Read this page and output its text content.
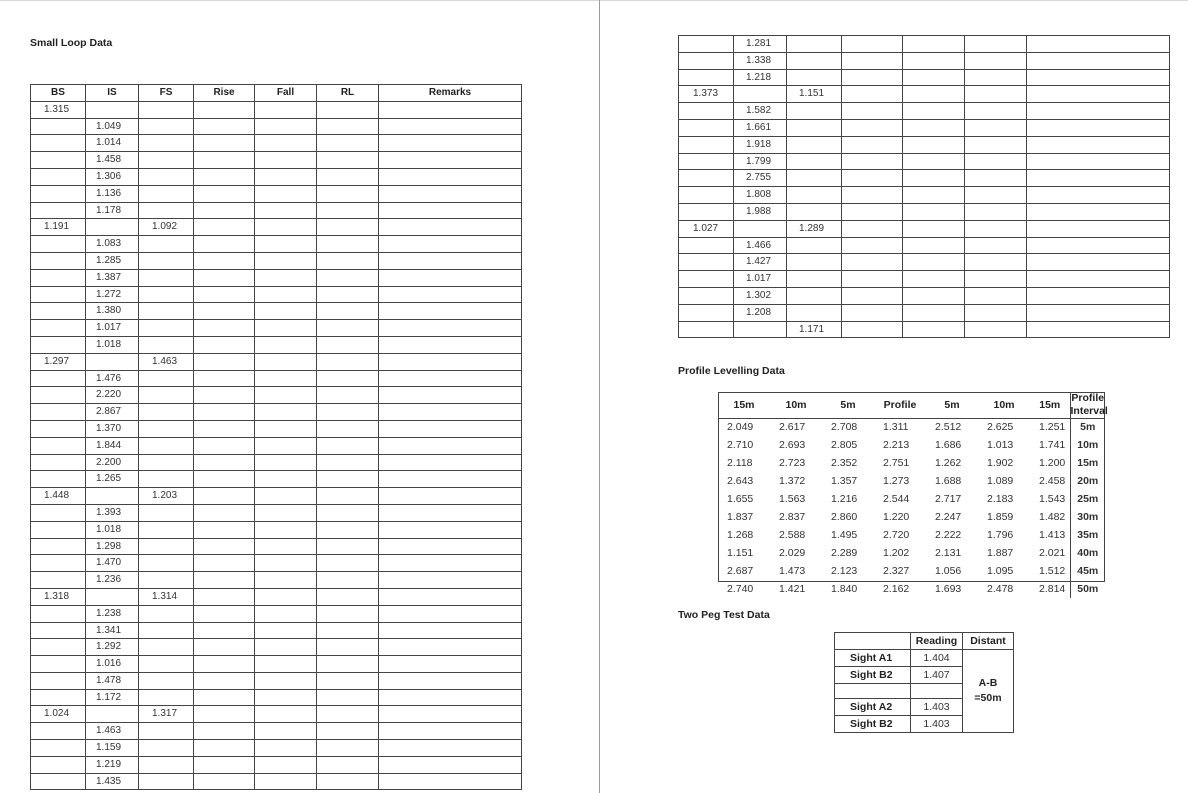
Small Loop Data
BS	IS	FS	Rise	Fall	RL	Remarks
1.315						
	1.049					
	1.014					
	1.458					
	1.306					
	1.136					
	1.178					
1.191		1.092				
	1.083					
	1.285					
	1.387					
	1.272					
	1.380					
	1.017					
	1.018					
1.297		1.463				
	1.476					
	2.220					
	2.867					
	1.370					
	1.844					
	2.200					
	1.265					
1.448		1.203				
	1.393					
	1.018					
	1.298					
	1.470					
	1.236					
1.318		1.314				
	1.238					
	1.341					
	1.292					
	1.016					
	1.478					
	1.172					
1.024		1.317				
	1.463					
	1.159					
	1.219					
	1.435					
	1.281					
	1.338					
	1.218					
1.373		1.151				
	1.582					
	1.661					
	1.918					
	1.799					
	2.755					
	1.808					
	1.988					
1.027		1.289				
	1.466					
	1.427					
	1.017					
	1.302					
	1.208					
		1.171				
Profile Levelling Data
15m	10m	5m	Profile	5m	10m	15m	Profile
Interval
2.049	2.617	2.708	1.311	2.512	2.625	1.251	5m
2.710	2.693	2.805	2.213	1.686	1.013	1.741	10m
2.118	2.723	2.352	2.751	1.262	1.902	1.200	15m
2.643	1.372	1.357	1.273	1.688	1.089	2.458	20m
1.655	1.563	1.216	2.544	2.717	2.183	1.543	25m
1.837	2.837	2.860	1.220	2.247	1.859	1.482	30m
1.268	2.588	1.495	2.720	2.222	1.796	1.413	35m
1.151	2.029	2.289	1.202	2.131	1.887	2.021	40m
2.687	1.473	2.123	2.327	1.056	1.095	1.512	45m
2.740	1.421	1.840	2.162	1.693	2.478	2.814	50m
Two Peg Test Data
	Reading	Distant
Sight A1	1.404	A-B
=50m
Sight B2	1.407	

Sight A2	1.403	
Sight B2	1.403	
